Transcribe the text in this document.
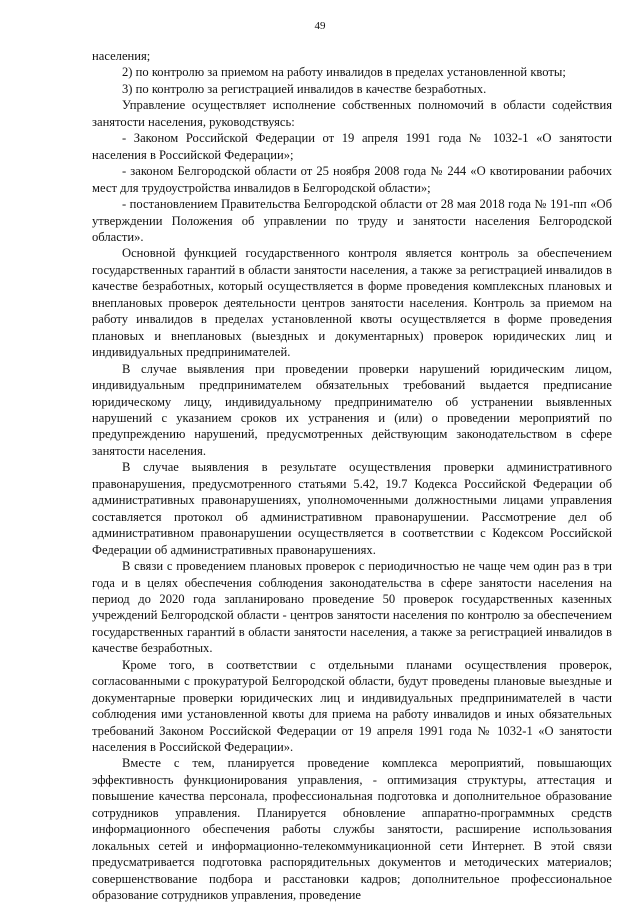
49

населения;

2) по контролю за приемом на работу инвалидов в пределах установленной квоты;

3) по контролю за регистрацией инвалидов в качестве безработных.

Управление осуществляет исполнение собственных полномочий в области содействия занятости населения, руководствуясь:

- Законом Российской Федерации от 19 апреля 1991 года № 1032-1 «О занятости населения в Российской Федерации»;

- законом Белгородской области от 25 ноября 2008 года № 244 «О квотировании рабочих мест для трудоустройства инвалидов в Белгородской области»;

- постановлением Правительства Белгородской области от 28 мая 2018 года № 191-пп «Об утверждении Положения об управлении по труду и занятости населения Белгородской области».

Основной функцией государственного контроля является контроль за обеспечением государственных гарантий в области занятости населения, а также за регистрацией инвалидов в качестве безработных, который осуществляется в форме проведения комплексных плановых и внеплановых проверок деятельности центров занятости населения. Контроль за приемом на работу инвалидов в пределах установленной квоты осуществляется в форме проведения плановых и внеплановых (выездных и документарных) проверок юридических лиц и индивидуальных предпринимателей.

В случае выявления при проведении проверки нарушений юридическим лицом, индивидуальным предпринимателем обязательных требований выдается предписание юридическому лицу, индивидуальному предпринимателю об устранении выявленных нарушений с указанием сроков их устранения и (или) о проведении мероприятий по предупреждению нарушений, предусмотренных действующим законодательством в сфере занятости населения.

В случае выявления в результате осуществления проверки административного правонарушения, предусмотренного статьями 5.42, 19.7 Кодекса Российской Федерации об административных правонарушениях, уполномоченными должностными лицами управления составляется протокол об административном правонарушении. Рассмотрение дел об административном правонарушении осуществляется в соответствии с Кодексом Российской Федерации об административных правонарушениях.

В связи с проведением плановых проверок с периодичностью не чаще чем один раз в три года и в целях обеспечения соблюдения законодательства в сфере занятости населения на период до 2020 года запланировано проведение 50 проверок государственных казенных учреждений Белгородской области - центров занятости населения по контролю за обеспечением государственных гарантий в области занятости населения, а также за регистрацией инвалидов в качестве безработных.

Кроме того, в соответствии с отдельными планами осуществления проверок, согласованными с прокуратурой Белгородской области, будут проведены плановые выездные и документарные проверки юридических лиц и индивидуальных предпринимателей в части соблюдения ими установленной квоты для приема на работу инвалидов и иных обязательных требований Законом Российской Федерации от 19 апреля 1991 года № 1032-1 «О занятости населения в Российской Федерации».

Вместе с тем, планируется проведение комплекса мероприятий, повышающих эффективность функционирования управления, - оптимизация структуры, аттестация и повышение качества персонала, профессиональная подготовка и дополнительное образование сотрудников управления. Планируется обновление аппаратно-программных средств информационного обеспечения работы службы занятости, расширение использования локальных сетей и информационно-телекоммуникационной сети Интернет. В этой связи предусматривается подготовка распорядительных документов и методических материалов; совершенствование подбора и расстановки кадров; дополнительное профессиональное образование сотрудников управления, проведение
